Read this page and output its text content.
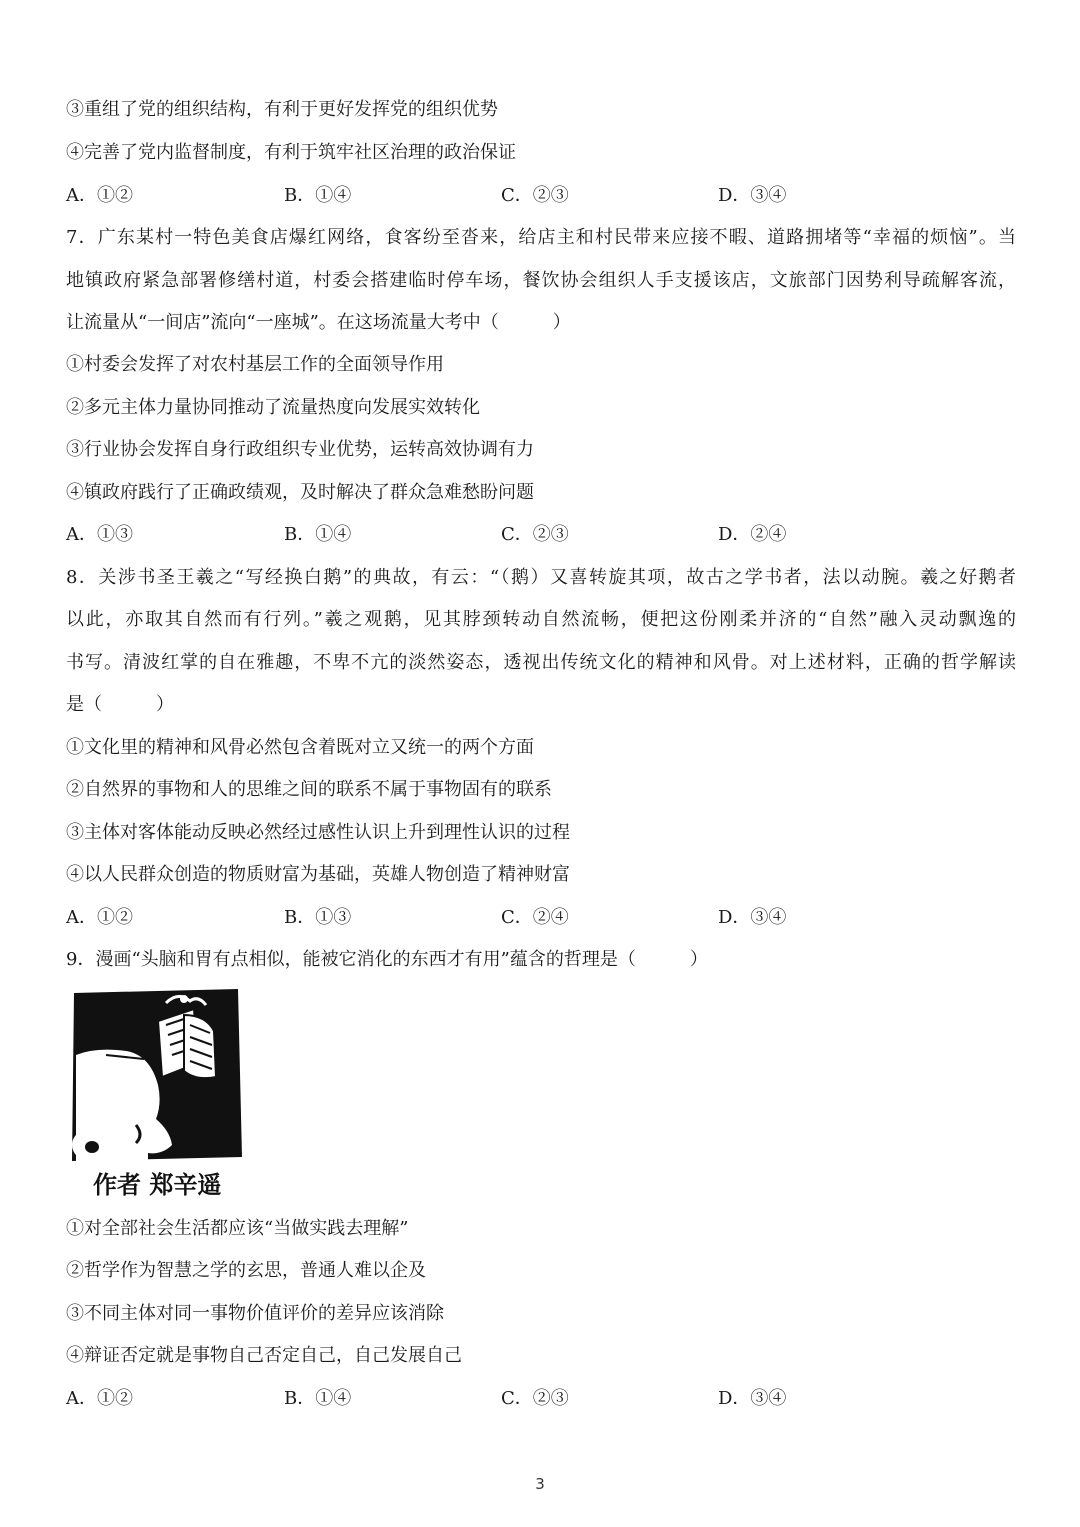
③重组了党的组织结构，有利于更好发挥党的组织优势
④完善了党内监督制度，有利于筑牢社区治理的政治保证
A．①②	B．①④	C．②③	D．③④
7．广东某村一特色美食店爆红网络，食客纷至沓来，给店主和村民带来应接不暇、道路拥堵等“幸福的烦恼”。当
地镇政府紧急部署修缮村道，村委会搭建临时停车场，餐饮协会组织人手支援该店，文旅部门因势利导疏解客流，
让流量从“一间店”流向“一座城”。在这场流量大考中（　　　）
①村委会发挥了对农村基层工作的全面领导作用
②多元主体力量协同推动了流量热度向发展实效转化
③行业协会发挥自身行政组织专业优势，运转高效协调有力
④镇政府践行了正确政绩观，及时解决了群众急难愁盼问题
A．①③	B．①④	C．②③	D．②④
8．关涉书圣王羲之“写经换白鹅”的典故，有云：“（鹅）又喜转旋其项，故古之学书者，法以动腕。羲之好鹅者
以此，亦取其自然而有行列。”羲之观鹅，见其脖颈转动自然流畅，便把这份刚柔并济的“自然”融入灵动飘逸的
书写。清波红掌的自在雅趣，不卑不亢的淡然姿态，透视出传统文化的精神和风骨。对上述材料，正确的哲学解读
是（　　　）
①文化里的精神和风骨必然包含着既对立又统一的两个方面
②自然界的事物和人的思维之间的联系不属于事物固有的联系
③主体对客体能动反映必然经过感性认识上升到理性认识的过程
④以人民群众创造的物质财富为基础，英雄人物创造了精神财富
A．①②	B．①③	C．②④	D．③④
9．漫画“头脑和胃有点相似，能被它消化的东西才有用”蕴含的哲理是（　　　）
作者 郑辛遥
①对全部社会生活都应该“当做实践去理解”
②哲学作为智慧之学的玄思，普通人难以企及
③不同主体对同一事物价值评价的差异应该消除
④辩证否定就是事物自己否定自己，自己发展自己
A．①②	B．①④	C．②③	D．③④
3
